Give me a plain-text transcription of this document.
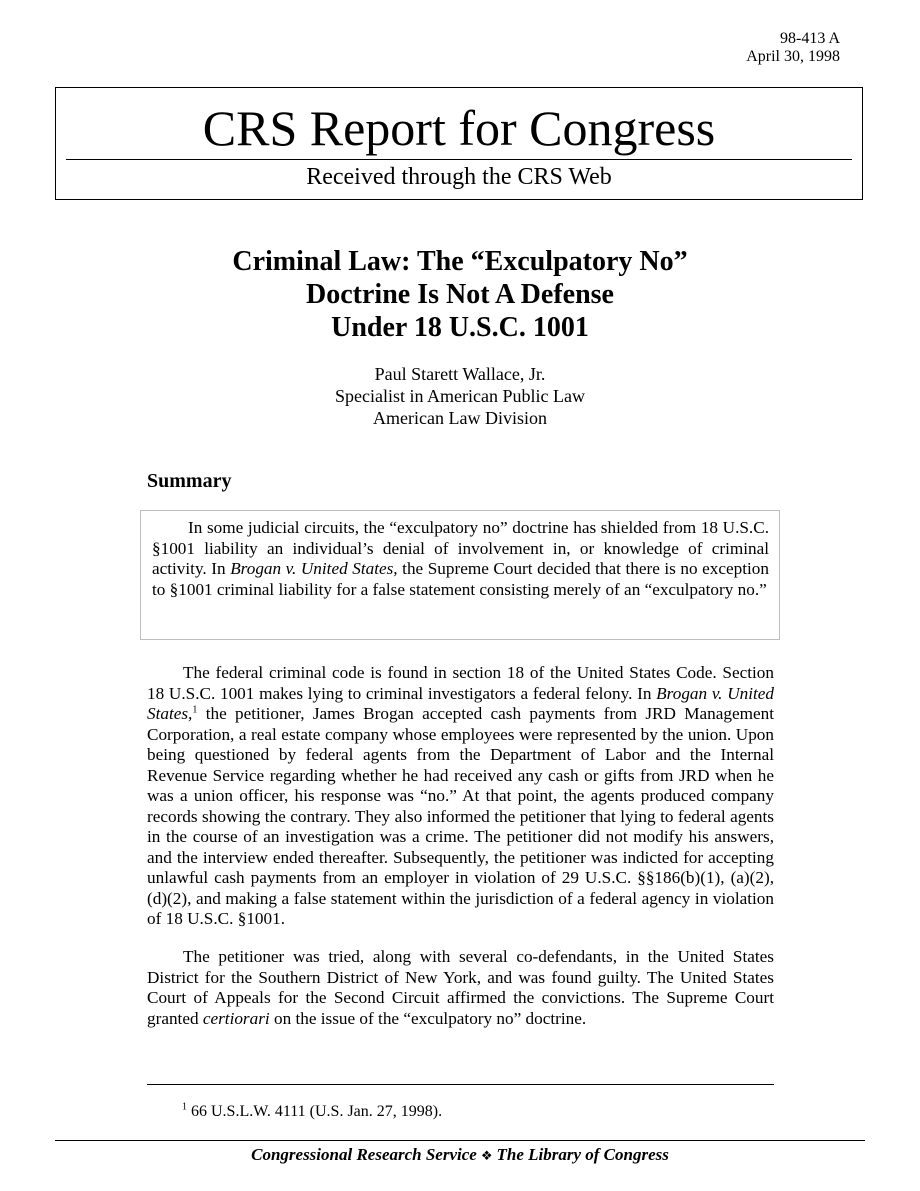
98-413 A
April 30, 1998
CRS Report for Congress
Received through the CRS Web
Criminal Law: The “Exculpatory No”
Doctrine Is Not A Defense
Under 18 U.S.C. 1001
Paul Starett Wallace, Jr.
Specialist in American Public Law
American Law Division
Summary
In some judicial circuits, the “exculpatory no” doctrine has shielded from 18 U.S.C. §1001 liability an individual’s denial of involvement in, or knowledge of criminal activity. In Brogan v. United States, the Supreme Court decided that there is no exception to §1001 criminal liability for a false statement consisting merely of an “exculpatory no.”
The federal criminal code is found in section 18 of the United States Code. Section 18 U.S.C. 1001 makes lying to criminal investigators a federal felony. In Brogan v. United States,$^1$ the petitioner, James Brogan accepted cash payments from JRD Management Corporation, a real estate company whose employees were represented by the union. Upon being questioned by federal agents from the Department of Labor and the Internal Revenue Service regarding whether he had received any cash or gifts from JRD when he was a union officer, his response was “no.” At that point, the agents produced company records showing the contrary. They also informed the petitioner that lying to federal agents in the course of an investigation was a crime. The petitioner did not modify his answers, and the interview ended thereafter. Subsequently, the petitioner was indicted for accepting unlawful cash payments from an employer in violation of 29 U.S.C. §§186(b)(1), (a)(2), (d)(2), and making a false statement within the jurisdiction of a federal agency in violation of 18 U.S.C. §1001.
The petitioner was tried, along with several co-defendants, in the United States District for the Southern District of New York, and was found guilty. The United States Court of Appeals for the Second Circuit affirmed the convictions. The Supreme Court granted certiorari on the issue of the “exculpatory no” doctrine.
$^1$ 66 U.S.L.W. 4111 (U.S. Jan. 27, 1998).
Congressional Research Service ❖ The Library of Congress
